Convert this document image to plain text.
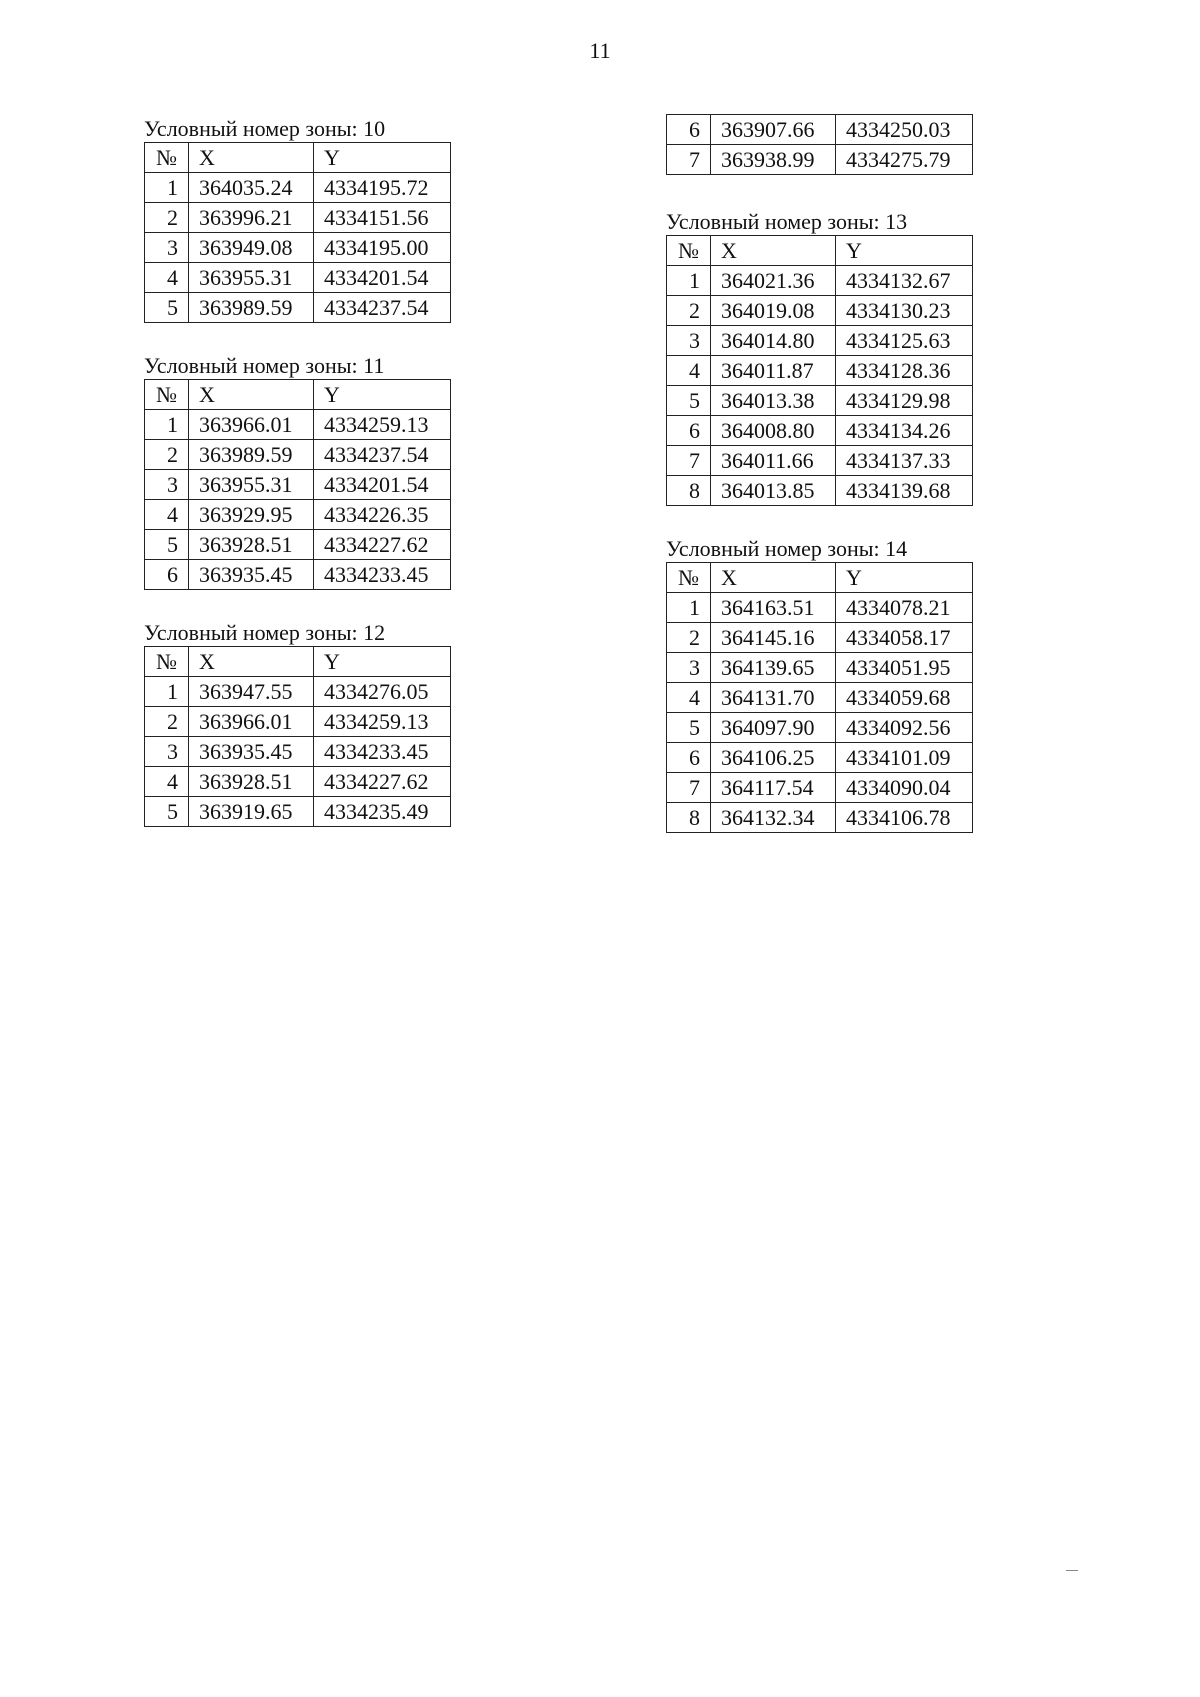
11
Условный номер зоны: 10
№	X	Y
1	364035.24	4334195.72
2	363996.21	4334151.56
3	363949.08	4334195.00
4	363955.31	4334201.54
5	363989.59	4334237.54
Условный номер зоны: 11
№	X	Y
1	363966.01	4334259.13
2	363989.59	4334237.54
3	363955.31	4334201.54
4	363929.95	4334226.35
5	363928.51	4334227.62
6	363935.45	4334233.45
Условный номер зоны: 12
№	X	Y
1	363947.55	4334276.05
2	363966.01	4334259.13
3	363935.45	4334233.45
4	363928.51	4334227.62
5	363919.65	4334235.49
6	363907.66	4334250.03
7	363938.99	4334275.79
Условный номер зоны: 13
№	X	Y
1	364021.36	4334132.67
2	364019.08	4334130.23
3	364014.80	4334125.63
4	364011.87	4334128.36
5	364013.38	4334129.98
6	364008.80	4334134.26
7	364011.66	4334137.33
8	364013.85	4334139.68
Условный номер зоны: 14
№	X	Y
1	364163.51	4334078.21
2	364145.16	4334058.17
3	364139.65	4334051.95
4	364131.70	4334059.68
5	364097.90	4334092.56
6	364106.25	4334101.09
7	364117.54	4334090.04
8	364132.34	4334106.78
